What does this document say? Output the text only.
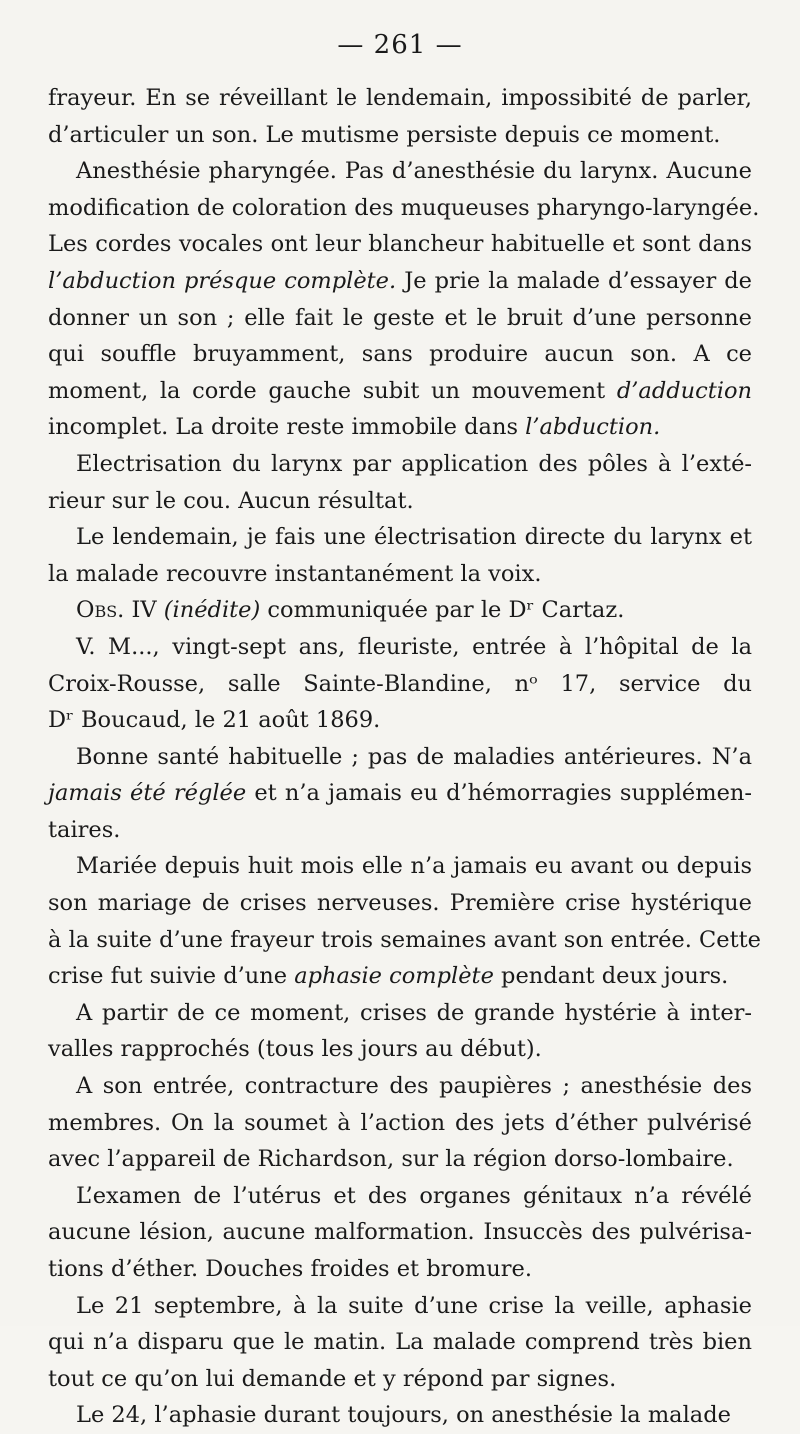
— 261 —
frayeur. En se réveillant le lendemain, impossibité de parler,
d’articuler un son. Le mutisme persiste depuis ce moment.
Anesthésie pharyngée. Pas d’anesthésie du larynx. Aucune
modification de coloration des muqueuses pharyngo-laryngée.
Les cordes vocales ont leur blancheur habituelle et sont dans
l’abduction présque complète. Je prie la malade d’essayer de
donner un son ; elle fait le geste et le bruit d’une personne
qui souffle bruyamment, sans produire aucun son. A ce
moment, la corde gauche subit un mouvement d’adduction
incomplet. La droite reste immobile dans l’abduction.
Electrisation du larynx par application des pôles à l’exté-
rieur sur le cou. Aucun résultat.
Le lendemain, je fais une électrisation directe du larynx et
la malade recouvre instantanément la voix.
Obs. IV (inédite) communiquée par le Dʳ Cartaz.
V. M..., vingt-sept ans, fleuriste, entrée à l’hôpital de la
Croix-Rousse, salle Sainte-Blandine, nᵒ 17, service du
Dʳ Boucaud, le 21 août 1869.
Bonne santé habituelle ; pas de maladies antérieures. N’a
jamais été réglée et n’a jamais eu d’hémorragies supplémen-
taires.
Mariée depuis huit mois elle n’a jamais eu avant ou depuis
son mariage de crises nerveuses. Première crise hystérique
à la suite d’une frayeur trois semaines avant son entrée. Cette
crise fut suivie d’une aphasie complète pendant deux jours.
A partir de ce moment, crises de grande hystérie à inter-
valles rapprochés (tous les jours au début).
A son entrée, contracture des paupières ; anesthésie des
membres. On la soumet à l’action des jets d’éther pulvérisé
avec l’appareil de Richardson, sur la région dorso-lombaire.
L’examen de l’utérus et des organes génitaux n’a révélé
aucune lésion, aucune malformation. Insuccès des pulvérisa-
tions d’éther. Douches froides et bromure.
Le 21 septembre, à la suite d’une crise la veille, aphasie
qui n’a disparu que le matin. La malade comprend très bien
tout ce qu’on lui demande et y répond par signes.
Le 24, l’aphasie durant toujours, on anesthésie la malade
